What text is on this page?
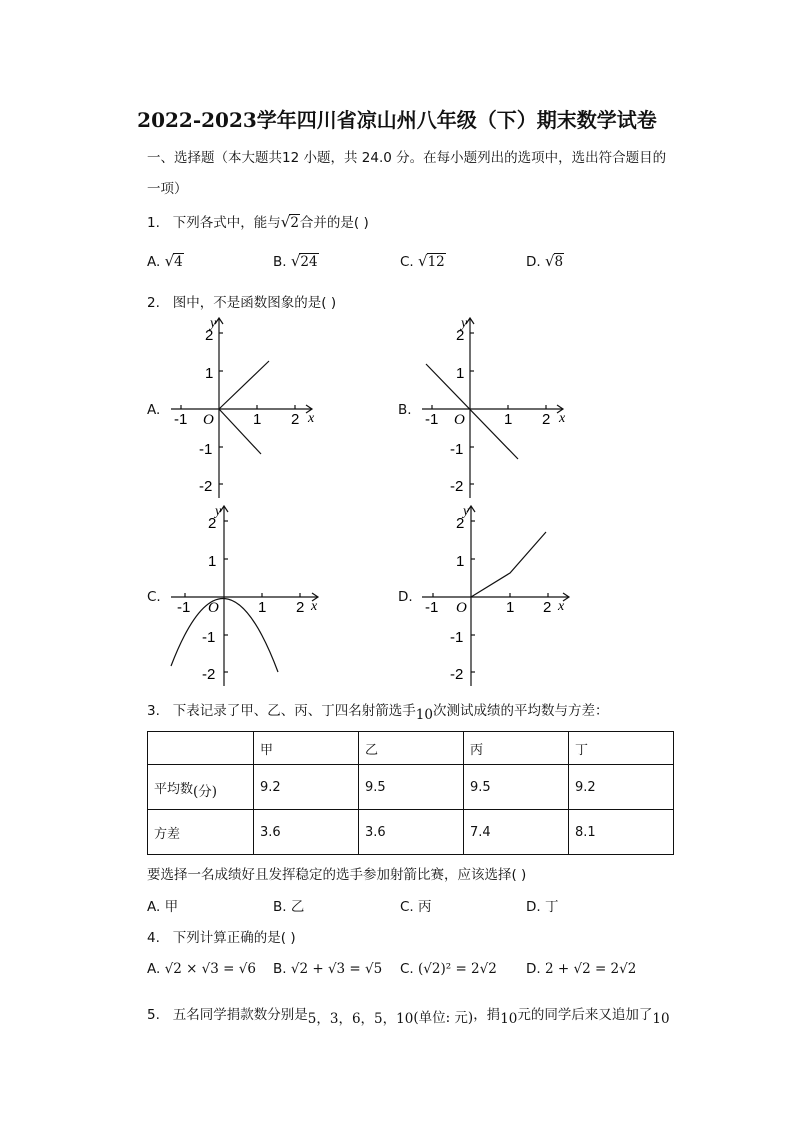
2022-2023学年四川省凉山州八年级（下）期末数学试卷
一、选择题（本大题共12 小题，共 24.0 分。在每小题列出的选项中，选出符合题目的
一项）
1. 下列各式中，能与√2合并的是( )
A. √4	B. √24	C. √12	D. √8
2. 图中，不是函数图象的是( )
A.
2
1
-1 O	1 2 x
y
-1
-2
B.
2
1
-1 O	1 2 x
y
-1
-2
C.
2
1
-1 O	1 2 x
y
-1
-2
D.
2
1
-1 O	1 2 x
y
-1
-2
3. 下表记录了甲、乙、丙、丁四名射箭选手10次测试成绩的平均数与方差：
	甲	乙	丙	丁
平均数(分)	9.2	9.5	9.5	9.2
方差	3.6	3.6	7.4	8.1
要选择一名成绩好且发挥稳定的选手参加射箭比赛，应该选择( )
A. 甲	B. 乙	C. 丙	D. 丁
4. 下列计算正确的是( )
A. √2 × √3 = √6 B. √2 + √3 = √5 C. (√2)² = 2√2 D. 2 + √2 = 2√2
5. 五名同学捐款数分别是5，3，6，5，10(单位: 元)，捐10元的同学后来又追加了10
